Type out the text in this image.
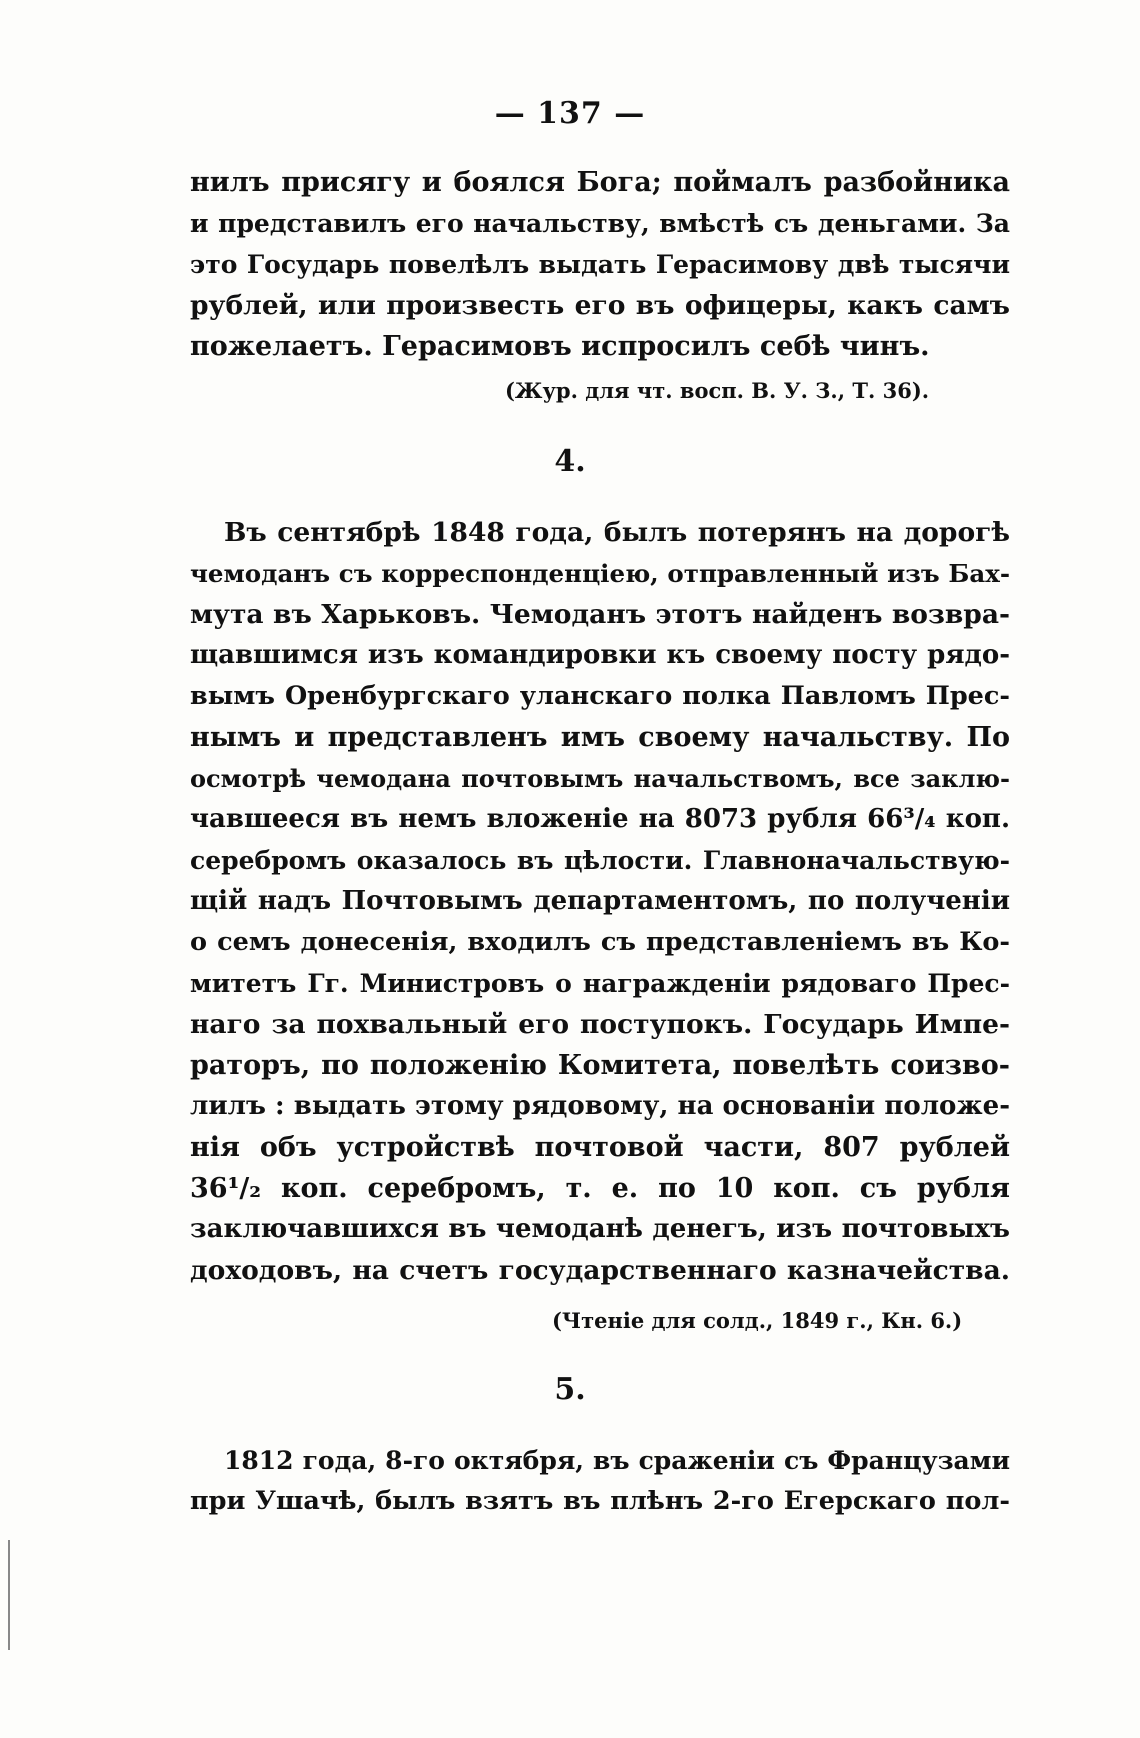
— 137 —
нилъ присягу и боялся Бога; поймалъ разбойника
и представилъ его начальству, вмѣстѣ съ деньгами. За
это Государь повелѣлъ выдать Герасимову двѣ тысячи
рублей, или произвесть его въ офицеры, какъ самъ
пожелаетъ. Герасимовъ испросилъ себѣ чинъ.
(Жур. для чт. восп. В. У. З., Т. 36).
4.
Въ сентябрѣ 1848 года, былъ потерянъ на дорогѣ
чемоданъ съ корреспонденціею, отправленный изъ Бах-
мута въ Харьковъ. Чемоданъ этотъ найденъ возвра-
щавшимся изъ командировки къ своему посту рядо-
вымъ Оренбургскаго уланскаго полка Павломъ Прес-
нымъ и представленъ имъ своему начальству. По
осмотрѣ чемодана почтовымъ начальствомъ, все заклю-
чавшееся въ немъ вложеніе на 8073 рубля 66³/₄ коп.
серебромъ оказалось въ цѣлости. Главноначальствую-
щій надъ Почтовымъ департаментомъ, по полученіи
о семъ донесенія, входилъ съ представленіемъ въ Ко-
митетъ Гг. Министровъ о награжденіи рядоваго Прес-
наго за похвальный его поступокъ. Государь Импе-
раторъ, по положенію Комитета, повелѣть соизво-
лилъ : выдать этому рядовому, на основаніи положе-
нія объ устройствѣ почтовой части, 807 рублей
36¹/₂ коп. серебромъ, т. е. по 10 коп. съ рубля
заключавшихся въ чемоданѣ денегъ, изъ почтовыхъ
доходовъ, на счетъ государственнаго казначейства.
(Чтеніе для солд., 1849 г., Кн. 6.)
5.
1812 года, 8-го октября, въ сраженіи съ Французами
при Ушачѣ, былъ взятъ въ плѣнъ 2-го Егерскаго пол-
